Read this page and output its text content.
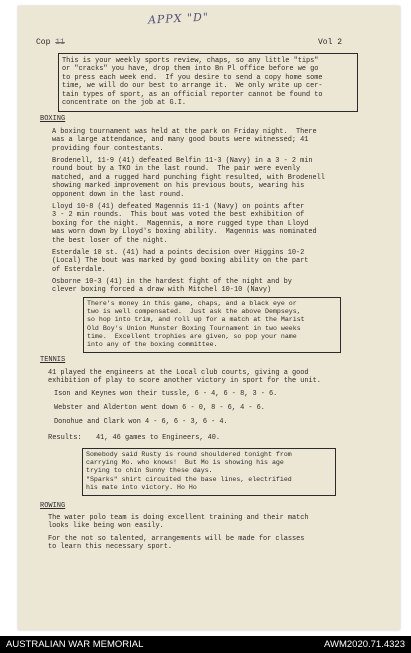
APPX "D"
Cop 11	Vol 2
This is your weekly sports review, chaps, so any little "tips"
or "cracks" you have, drop them into Bn Pl office before we go
to press each week end.  If you desire to send a copy home some
time, we will do our best to arrange it.  We only write up cer-
tain types of sport, as an official reporter cannot be found to
concentrate on the job at G.I.
BOXING
A boxing tournament was held at the park on Friday night.  There
was a large attendance, and many good bouts were witnessed; 41
providing four contestants.
Brodenell, 11-9 (41) defeated Belfin 11-3 (Navy) in a 3 - 2 min
round bout by a TKO in the last round.  The pair were evenly
matched, and a rugged hard punching fight resulted, with Brodenell
showing marked improvement on his previous bouts, wearing his
opponent down in the last round.
Lloyd 10-8 (41) defeated Magennis 11-1 (Navy) on points after
3 - 2 min rounds.  This bout was voted the best exhibition of
boxing for the night.  Magennis, a more rugged type than Lloyd
was worn down by Lloyd's boxing ability.  Magennis was nominated
the best loser of the night.
Esterdale 10 st. (41) had a points decision over Higgins 10-2
(Local) The bout was marked by good boxing ability on the part
of Esterdale.
Osborne 10-3 (41) in the hardest fight of the night and by
clever boxing forced a draw with Mitchel 10-10 (Navy)
There's money in this game, chaps, and a black eye or
two is well compensated.  Just ask the above Dempseys,
so hop into trim, and roll up for a match at the Marist
Old Boy's Union Munster Boxing Tournament in two weeks
time.  Excellent trophies are given, so pop your name
into any of the boxing committee.
TENNIS
41 played the engineers at the Local club courts, giving a good
exhibition of play to score another victory in sport for the unit.
Ison and Keynes won their tussle, 6 - 4, 6 - 8, 3 - 6.
Webster and Alderton went down 6 - 0, 8 - 6, 4 - 6.
Donohue and Clark won 4 - 6, 6 - 3, 6 - 4.
Results: 41, 46 games to Engineers, 40.
Somebody said Rusty is round shouldered tonight from
carrying Mo. who knows!  But Mo is showing his age
trying to chin Sunny these days.
"Sparks" shirt circuited the base lines, electrified
his mate into victory. Ho Ho
ROWING
The water polo team is doing excellent training and their match
looks like being won easily.
For the not so talented, arrangements will be made for classes
to learn this necessary sport.
AUSTRALIAN WAR MEMORIAL	AWM2020.71.4323
